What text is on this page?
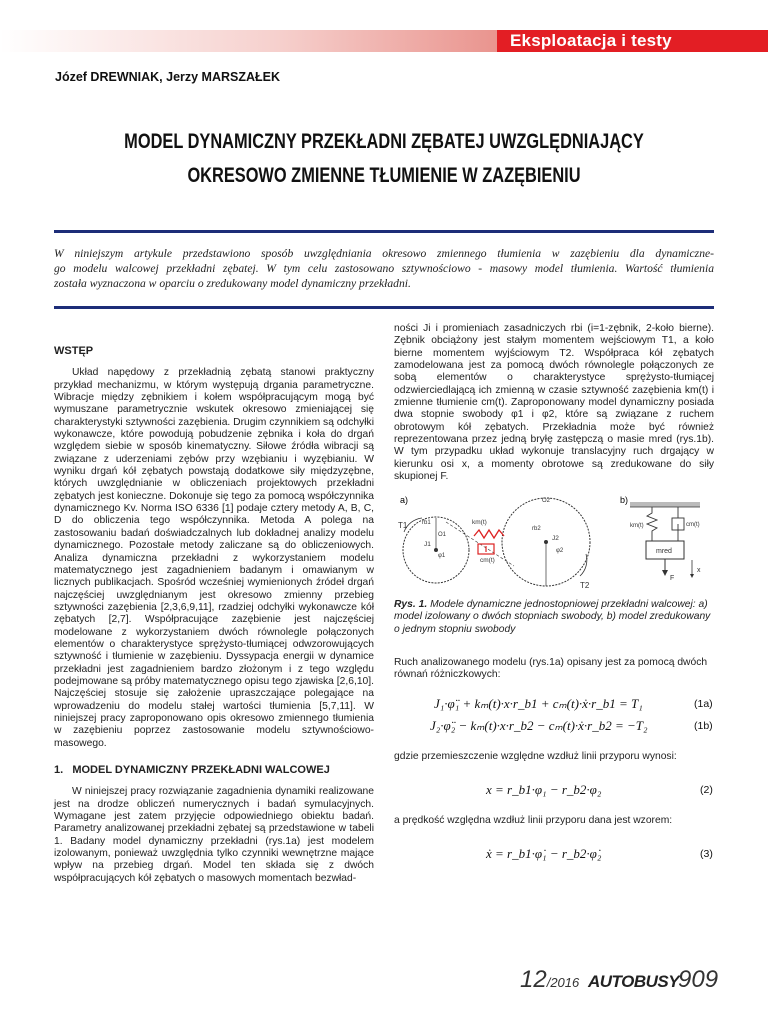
Eksploatacja i testy
Józef DREWNIAK, Jerzy MARSZAŁEK
MODEL DYNAMICZNY PRZEKŁADNI ZĘBATEJ UWZGLĘDNIAJĄCY
OKRESOWO ZMIENNE TŁUMIENIE W ZAZĘBIENIU
W niniejszym artykule przedstawiono sposób uwzględniania okresowo zmiennego tłumienia w zazębieniu dla dynamiczne-
go modelu walcowej przekładni zębatej. W tym celu zastosowano sztywnościowo - masowy model tłumienia. Wartość tłumienia
została wyznaczona w oparciu o zredukowany model dynamiczny przekładni.
WSTĘP

Układ napędowy z przekładnią zębatą stanowi praktyczny przykład mechanizmu, w którym występują drgania parametryczne. Wibracje między zębnikiem i kołem współpracującym mogą być wymuszane parametrycznie wskutek okresowo zmieniającej się charakterystyki sztywności zazębienia. Drugim czynnikiem są odchyłki wykonawcze, które powodują pobudzenie zębnika i koła do drgań względem siebie w sposób kinematyczny. Siłowe źródła wibracji są związane z uderzeniami zębów przy wzębianiu i wyzębianiu. W wyniku drgań kół zębatych powstają dodatkowe siły międzyzębne, których uwzględnianie w obliczeniach projektowych przekładni zębatych jest konieczne. Dokonuje się tego za pomocą współczynnika dynamicznego Kv. Norma ISO 6336 [1] podaje cztery metody A, B, C, D do obliczenia tego współczynnika. Metoda A polega na zastosowaniu badań doświadczalnych lub dokładnej analizy modelu dynamicznego. Pozostałe metody zaliczane są do obliczeniowych. Analiza dynamiczna przekładni z wykorzystaniem modelu matematycznego jest zagadnieniem badanym i omawianym w licznych publikacjach. Spośród wcześniej wymienionych źródeł drgań najczęściej uwzględnianym jest okresowo zmienny przebieg sztywności zazębienia [2,3,6,9,11], rzadziej odchyłki wykonawcze kół zębatych [2,7]. Współpracujące zazębienie jest najczęściej modelowane z wykorzystaniem dwóch równolegle połączonych elementów o charakterystyce sprężysto-tłumiącej odwzorowujących sztywność i tłumienie w zazębieniu. Dyssypacja energii w dynamice przekładni jest zagadnieniem bardzo złożonym i z tego względu podejmowane są próby matematycznego opisu tego zjawiska [2,6,10]. Najczęściej stosuje się założenie upraszczające polegające na wprowadzeniu do modelu stałej wartości tłumienia [5,7,11]. W niniejszej pracy zaproponowano opis okresowo zmiennego tłumienia w zazębieniu poprzez zastosowanie modelu sztywnościowo-masowego.

1.   MODEL DYNAMICZNY PRZEKŁADNI WALCOWEJ

W niniejszej pracy rozwiązanie zagadnienia dynamiki realizowane jest na drodze obliczeń numerycznych i badań symulacyjnych. Wymagane jest zatem przyjęcie odpowiedniego obiektu badań. Parametry analizowanej przekładni zębatej są przedstawione w tabeli 1. Badany model dynamiczny przekładni (rys.1a) jest modelem izolowanym, ponieważ uwzględnia tylko czynniki wewnętrzne mające wpływ na przebieg drgań. Model ten składa się z dwóch współpracujących kół zębatych o masowych momentach bezwład-

ności Ji i promieniach zasadniczych rbi (i=1-zębnik, 2-koło bierne). Zębnik obciążony jest stałym momentem wejściowym T1, a koło bierne momentem wyjściowym T2. Współpraca kół zębatych zamodelowana jest za pomocą dwóch równolegle połączonych ze sobą elementów o charakterystyce sprężysto-tłumiącej odzwierciedlającą ich zmienną w czasie sztywność zazębienia km(t) i zmienne tłumienie cm(t). Zaproponowany model dynamiczny posiada dwa stopnie swobody φ1 i φ2, które są związane z ruchem obrotowym kół zębatych. Przekładnia może być również reprezentowana przez jedną bryłę zastępczą o masie mred (rys.1b). W tym przypadku układ wykonuje translacyjny ruch drgający w kierunku osi x, a momenty obrotowe są zredukowane do siły skupionej F.

a)
km(t)
cm(t)
T1
T2
J1
φ1
O1	J2
rb2
φ2
O2
rb1
b)
km(t)	cm(t)
mred
F
x
Rys. 1. Modele dynamiczne jednostopniowej przekładni walcowej: a) model izolowany o dwóch stopniach swobody, b) model zredukowany o jednym stopniu swobody
Ruch analizowanego modelu (rys.1a) opisany jest za pomocą dwóch równań różniczkowych:
J₁·φ̈₁ + kₘ(t)·x·r_b1 + cₘ(t)·ẋ·r_b1 = T₁	(1a)
J₂·φ̈₂ − kₘ(t)·x·r_b2 − cₘ(t)·ẋ·r_b2 = −T₂	(1b)
gdzie przemieszczenie względne wzdłuż linii przyporu wynosi:
x = r_b1·φ₁ − r_b2·φ₂	(2)
a prędkość względna wzdłuż linii przyporu dana jest wzorem:
ẋ = r_b1·φ̇₁ − r_b2·φ̇₂	(3)
12/2016 AUTOBUSY
909
